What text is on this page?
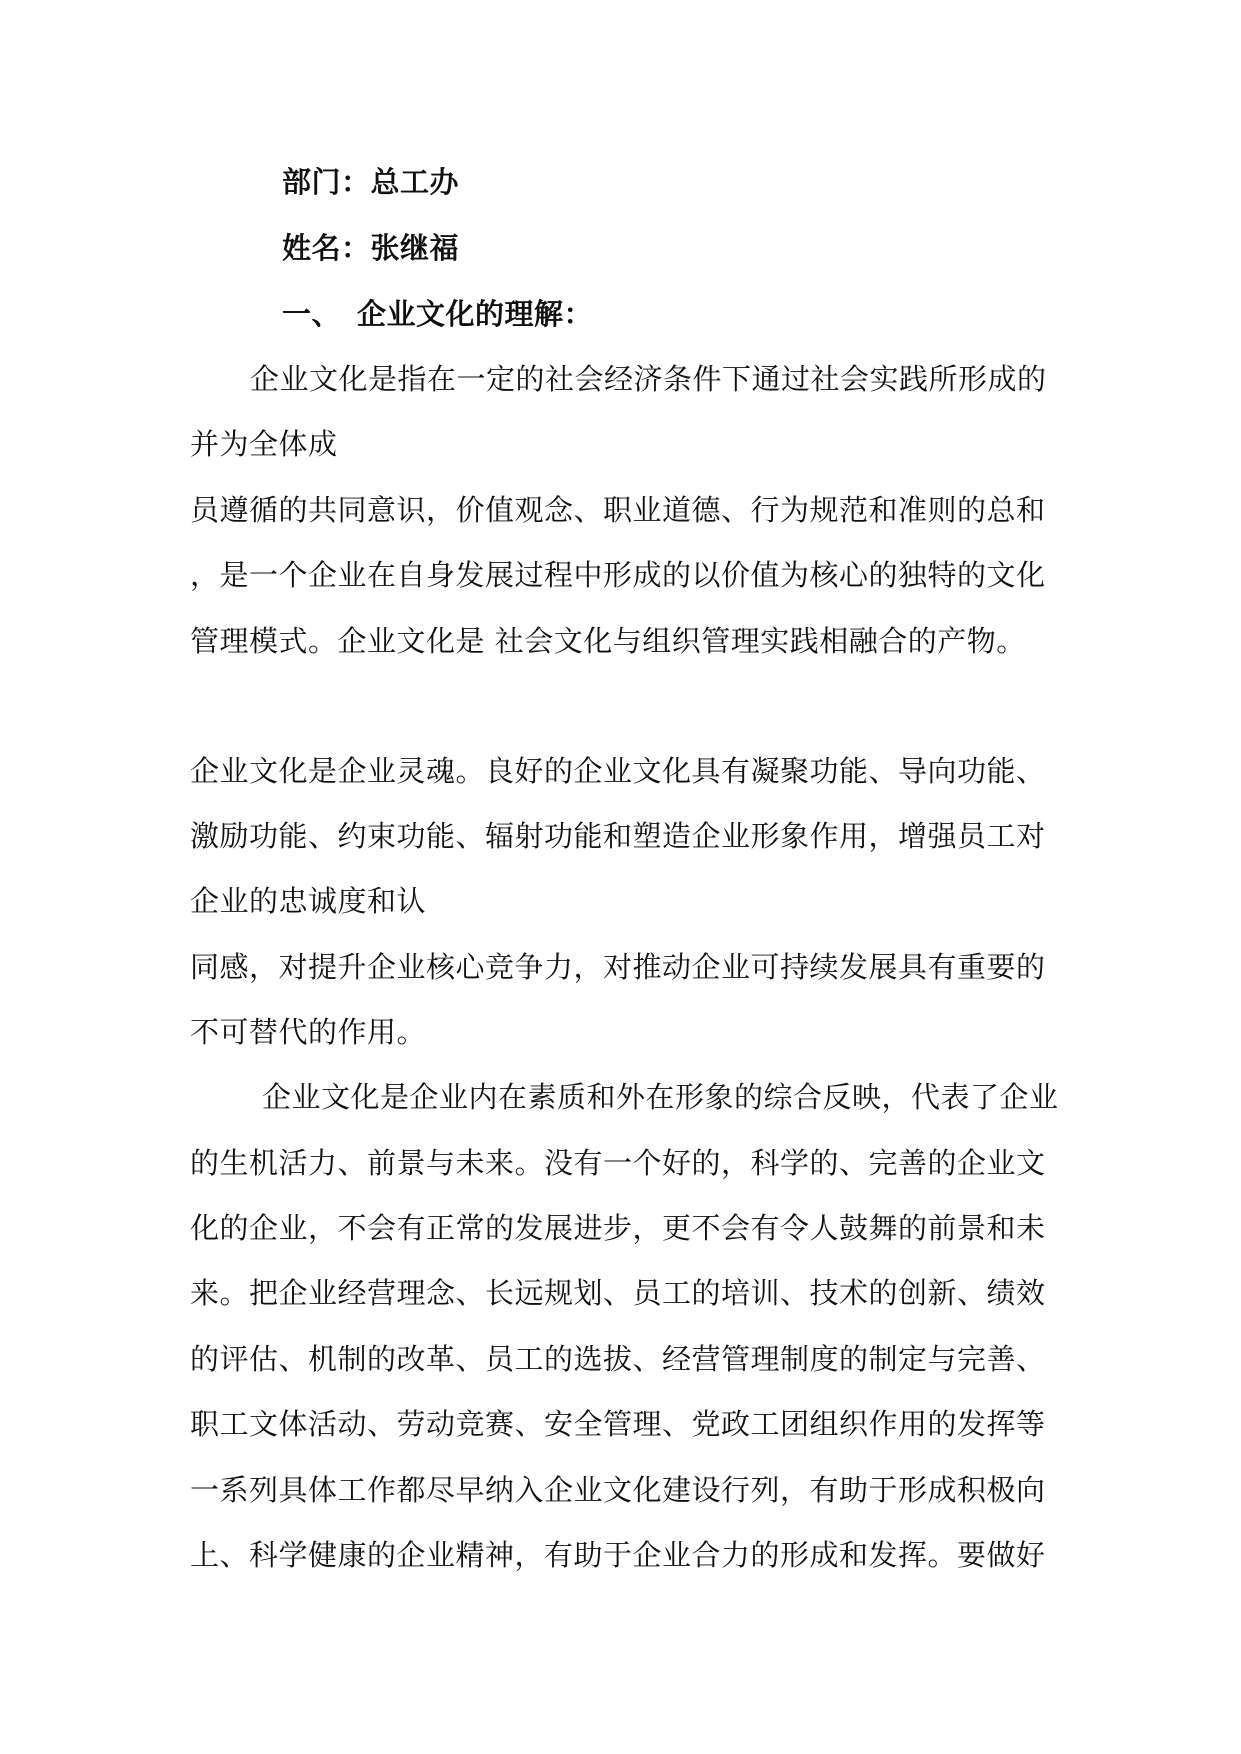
部门：总工办
姓名：张继福
一、 企业文化的理解：
企业文化是指在一定的社会经济条件下通过社会实践所形成的
并为全体成
员遵循的共同意识，价值观念、职业道德、行为规范和准则的总和
，是一个企业在自身发展过程中形成的以价值为核心的独特的文化
管理模式。企业文化是 社会文化与组织管理实践相融合的产物。
企业文化是企业灵魂。良好的企业文化具有凝聚功能、导向功能、
激励功能、约束功能、辐射功能和塑造企业形象作用，增强员工对
企业的忠诚度和认
同感，对提升企业核心竞争力，对推动企业可持续发展具有重要的
不可替代的作用。
企业文化是企业内在素质和外在形象的综合反映，代表了企业
的生机活力、前景与未来。没有一个好的，科学的、完善的企业文
化的企业，不会有正常的发展进步，更不会有令人鼓舞的前景和未
来。把企业经营理念、长远规划、员工的培训、技术的创新、绩效
的评估、机制的改革、员工的选拔、经营管理制度的制定与完善、
职工文体活动、劳动竞赛、安全管理、党政工团组织作用的发挥等
一系列具体工作都尽早纳入企业文化建设行列，有助于形成积极向
上、科学健康的企业精神，有助于企业合力的形成和发挥。要做好
